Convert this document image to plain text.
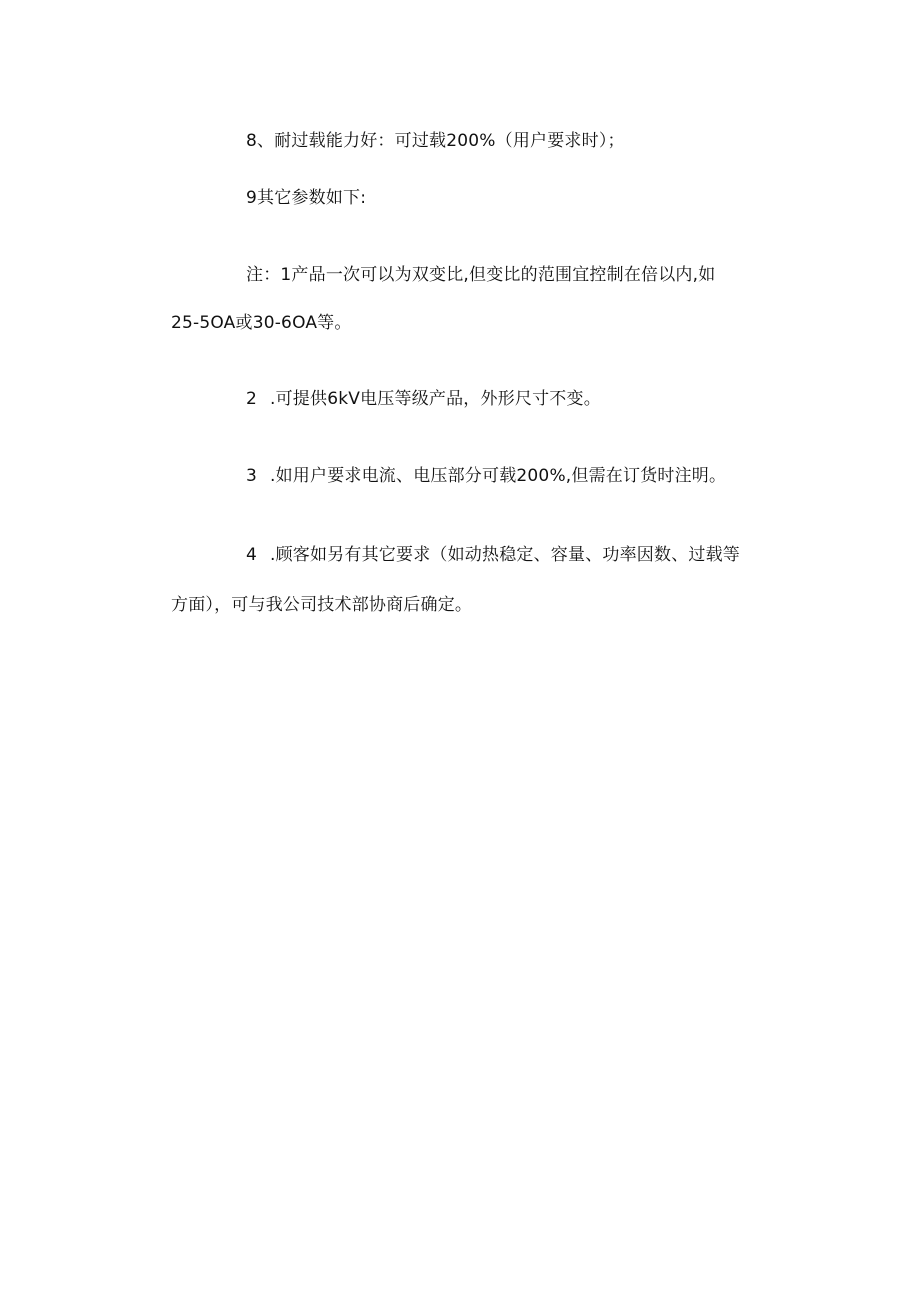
8、耐过载能力好：可过载200%（用户要求时）；
9其它参数如下:
注：1产品一次可以为双变比,但变比的范围宜控制在倍以内,如
25-5OA或30-6OA等。
2 .可提供6kV电压等级产品，外形尺寸不变。
3 .如用户要求电流、电压部分可载200%,但需在订货时注明。
4 .顾客如另有其它要求（如动热稳定、容量、功率因数、过载等
方面），可与我公司技术部协商后确定。
